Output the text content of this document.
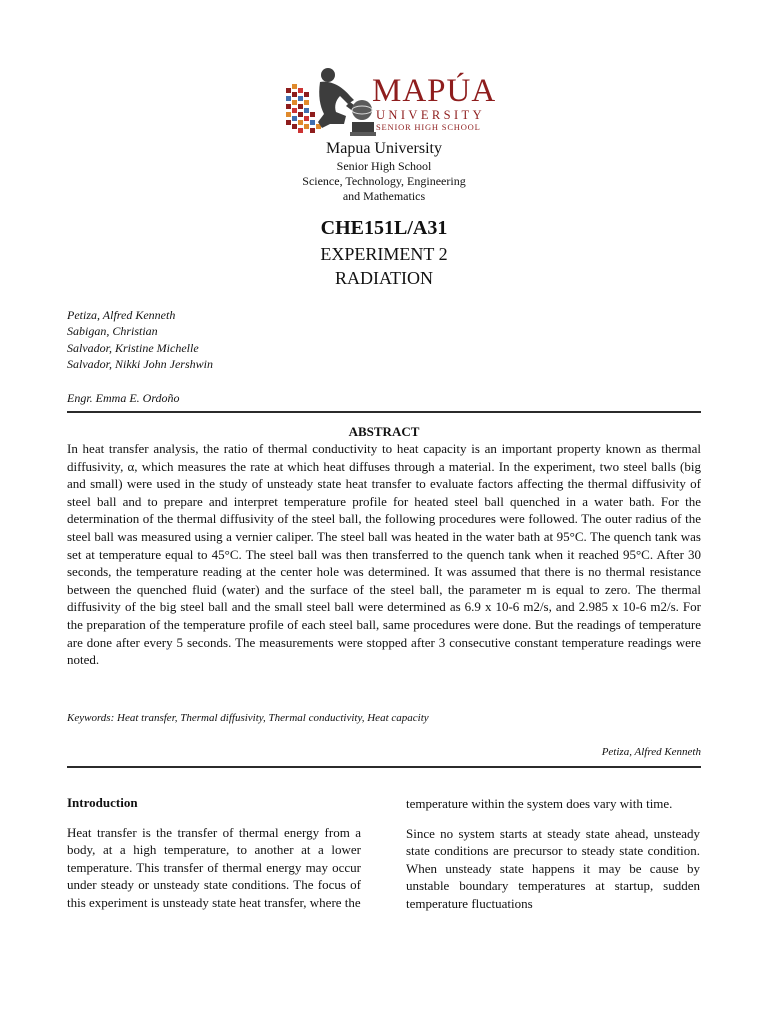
MAPÚA
UNIVERSITY
SENIOR HIGH SCHOOL
Mapua University
Senior High School
Science, Technology, Engineering
and Mathematics
CHE151L/A31
EXPERIMENT 2
RADIATION
Petiza, Alfred Kenneth
Sabigan, Christian
Salvador, Kristine Michelle
Salvador, Nikki John Jershwin
Engr. Emma E. Ordoño
ABSTRACT
In heat transfer analysis, the ratio of thermal conductivity to heat capacity is an important property known as thermal diffusivity, α, which measures the rate at which heat diffuses through a material. In the experiment, two steel balls (big and small) were used in the study of unsteady state heat transfer to evaluate factors affecting the thermal diffusivity of steel ball and to prepare and interpret temperature profile for heated steel ball quenched in a water bath. For the determination of the thermal diffusivity of the steel ball, the following procedures were followed. The outer radius of the steel ball was measured using a vernier caliper. The steel ball was heated in the water bath at 95°C. The quench tank was set at temperature equal to 45°C. The steel ball was then transferred to the quench tank when it reached 95°C. After 30 seconds, the temperature reading at the center hole was determined. It was assumed that there is no thermal resistance between the quenched fluid (water) and the surface of the steel ball, the parameter m is equal to zero. The thermal diffusivity of the big steel ball and the small steel ball were determined as 6.9 x 10-6 m2/s, and 2.985 x 10-6 m2/s. For the preparation of the temperature profile of each steel ball, same procedures were done. But the readings of temperature are done after every 5 seconds. The measurements were stopped after 3 consecutive constant temperature readings were noted.
Keywords: Heat transfer, Thermal diffusivity, Thermal conductivity, Heat capacity
Petiza, Alfred Kenneth
Introduction

Heat transfer is the transfer of thermal energy from a body, at a high temperature, to another at a lower temperature. This transfer of thermal energy may occur under steady or unsteady state conditions. The focus of this experiment is unsteady state heat transfer, where the

temperature within the system does vary with time.

Since no system starts at steady state ahead, unsteady state conditions are precursor to steady state condition. When unsteady state happens it may be cause by unstable boundary temperatures at startup, sudden temperature fluctuations
